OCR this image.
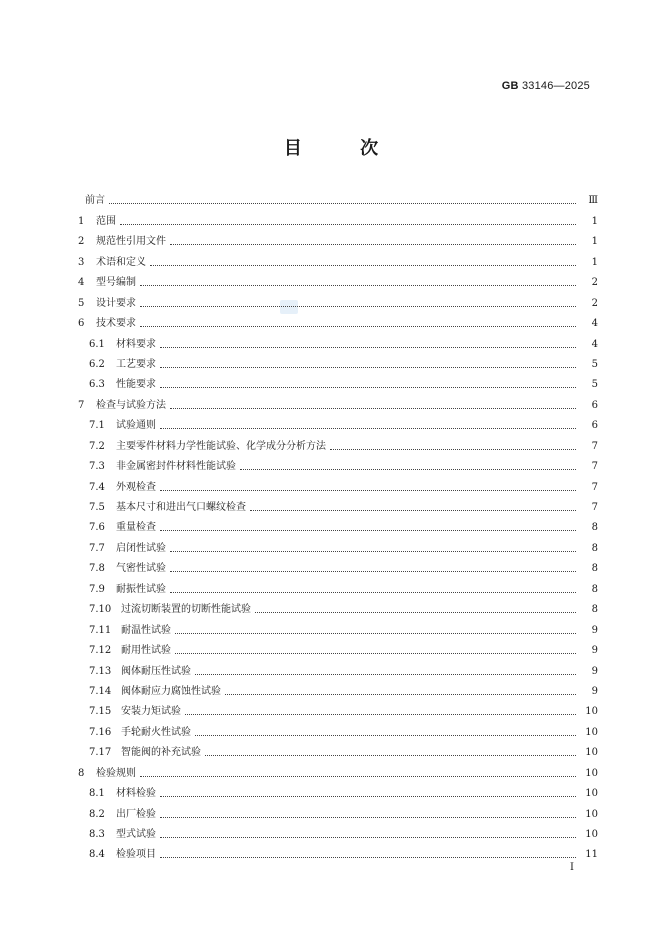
GB 33146—2025
目 次
前言	Ⅲ
1	范围	1
2	规范性引用文件	1
3	术语和定义	1
4	型号编制	2
5	设计要求	2
6	技术要求	4
6.1	材料要求	4
6.2	工艺要求	5
6.3	性能要求	5
7	检查与试验方法	6
7.1	试验通则	6
7.2	主要零件材料力学性能试验、化学成分分析方法	7
7.3	非金属密封件材料性能试验	7
7.4	外观检查	7
7.5	基本尺寸和进出气口螺纹检查	7
7.6	重量检查	8
7.7	启闭性试验	8
7.8	气密性试验	8
7.9	耐振性试验	8
7.10 过流切断装置的切断性能试验	8
7.11 耐温性试验	9
7.12 耐用性试验	9
7.13 阀体耐压性试验	9
7.14 阀体耐应力腐蚀性试验	9
7.15 安装力矩试验	10
7.16 手轮耐火性试验	10
7.17 智能阀的补充试验	10
8	检验规则	10
8.1	材料检验	10
8.2	出厂检验	10
8.3	型式试验	10
8.4	检验项目	11
Ⅰ
